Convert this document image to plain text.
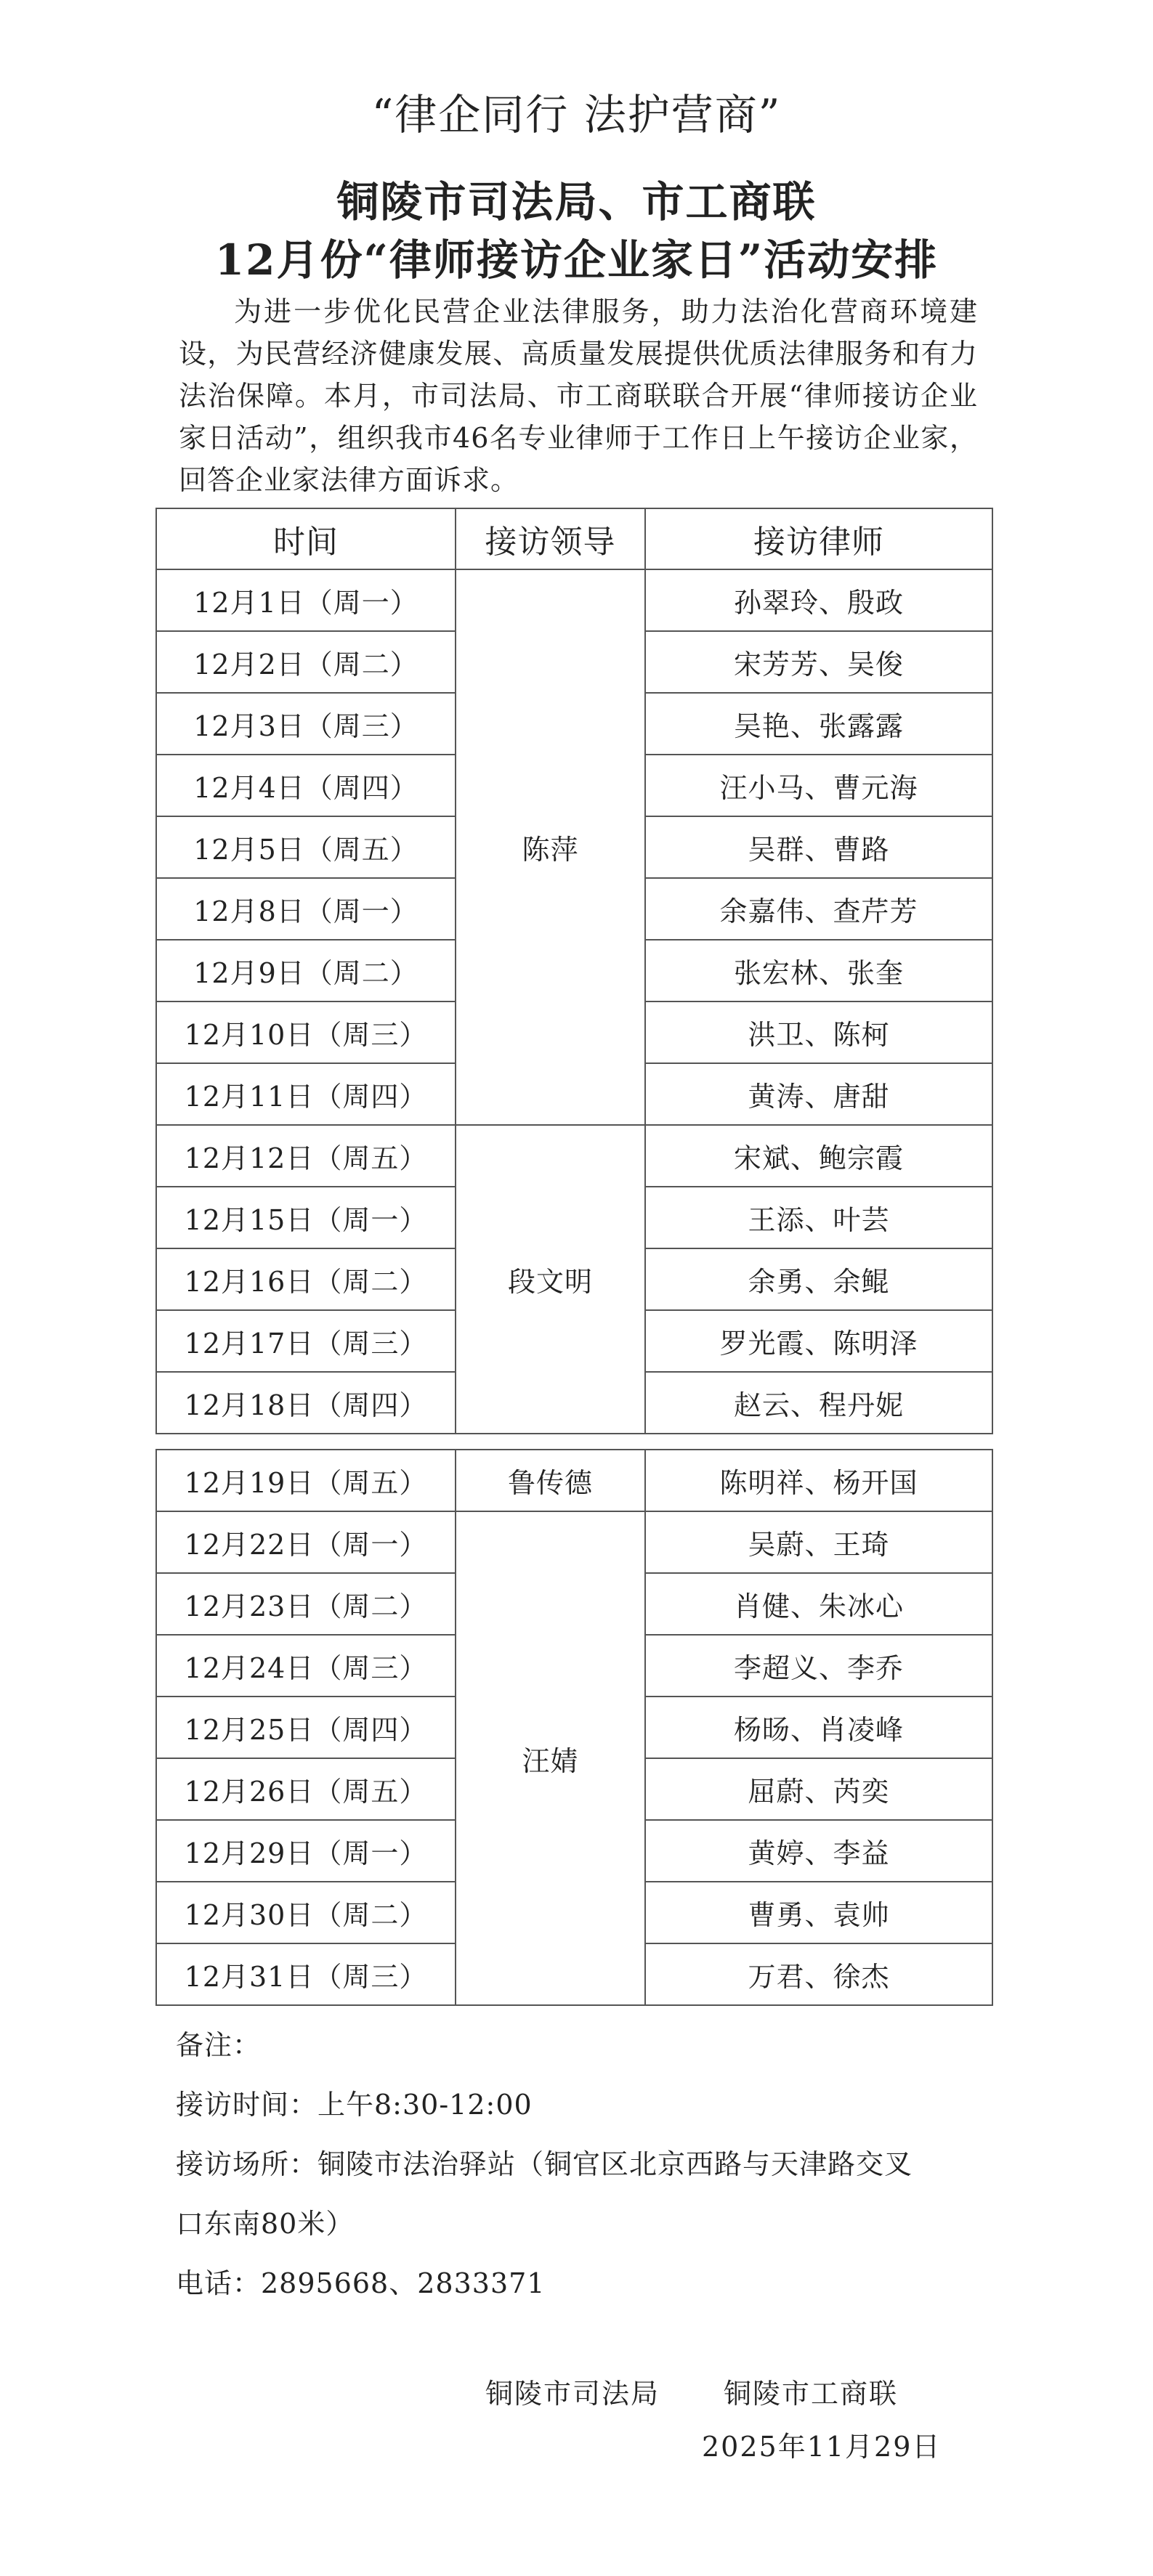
“律企同行 法护营商”
铜陵市司法局、市工商联
12月份“律师接访企业家日”活动安排
为进一步优化民营企业法律服务，助力法治化营商环境建设，为民营经济健康发展、高质量发展提供优质法律服务和有力法治保障。本月，市司法局、市工商联联合开展“律师接访企业家日活动”，组织我市46名专业律师于工作日上午接访企业家，回答企业家法律方面诉求。
时间	接访领导	接访律师
12月1日（周一）	陈萍	孙翠玲、殷政
12月2日（周二）		宋芳芳、吴俊
12月3日（周三）		吴艳、张露露
12月4日（周四）		汪小马、曹元海
12月5日（周五）		吴群、曹路
12月8日（周一）		余嘉伟、查芹芳
12月9日（周二）		张宏林、张奎
12月10日（周三）		洪卫、陈柯
12月11日（周四）		黄涛、唐甜
12月12日（周五）	段文明	宋斌、鲍宗霞
12月15日（周一）		王添、叶芸
12月16日（周二）		余勇、余鲲
12月17日（周三）		罗光霞、陈明泽
12月18日（周四）		赵云、程丹妮
12月19日（周五）	鲁传德	陈明祥、杨开国
12月22日（周一）	汪婧	吴蔚、王琦
12月23日（周二）		肖健、朱冰心
12月24日（周三）		李超义、李乔
12月25日（周四）		杨旸、肖凌峰
12月26日（周五）		屈蔚、芮奕
12月29日（周一）		黄婷、李益
12月30日（周二）		曹勇、袁帅
12月31日（周三）		万君、徐杰
备注：
接访时间：上午8:30-12:00
接访场所：铜陵市法治驿站（铜官区北京西路与天津路交叉
口东南80米）
电话：2895668、2833371
铜陵市司法局 铜陵市工商联
2025年11月29日
